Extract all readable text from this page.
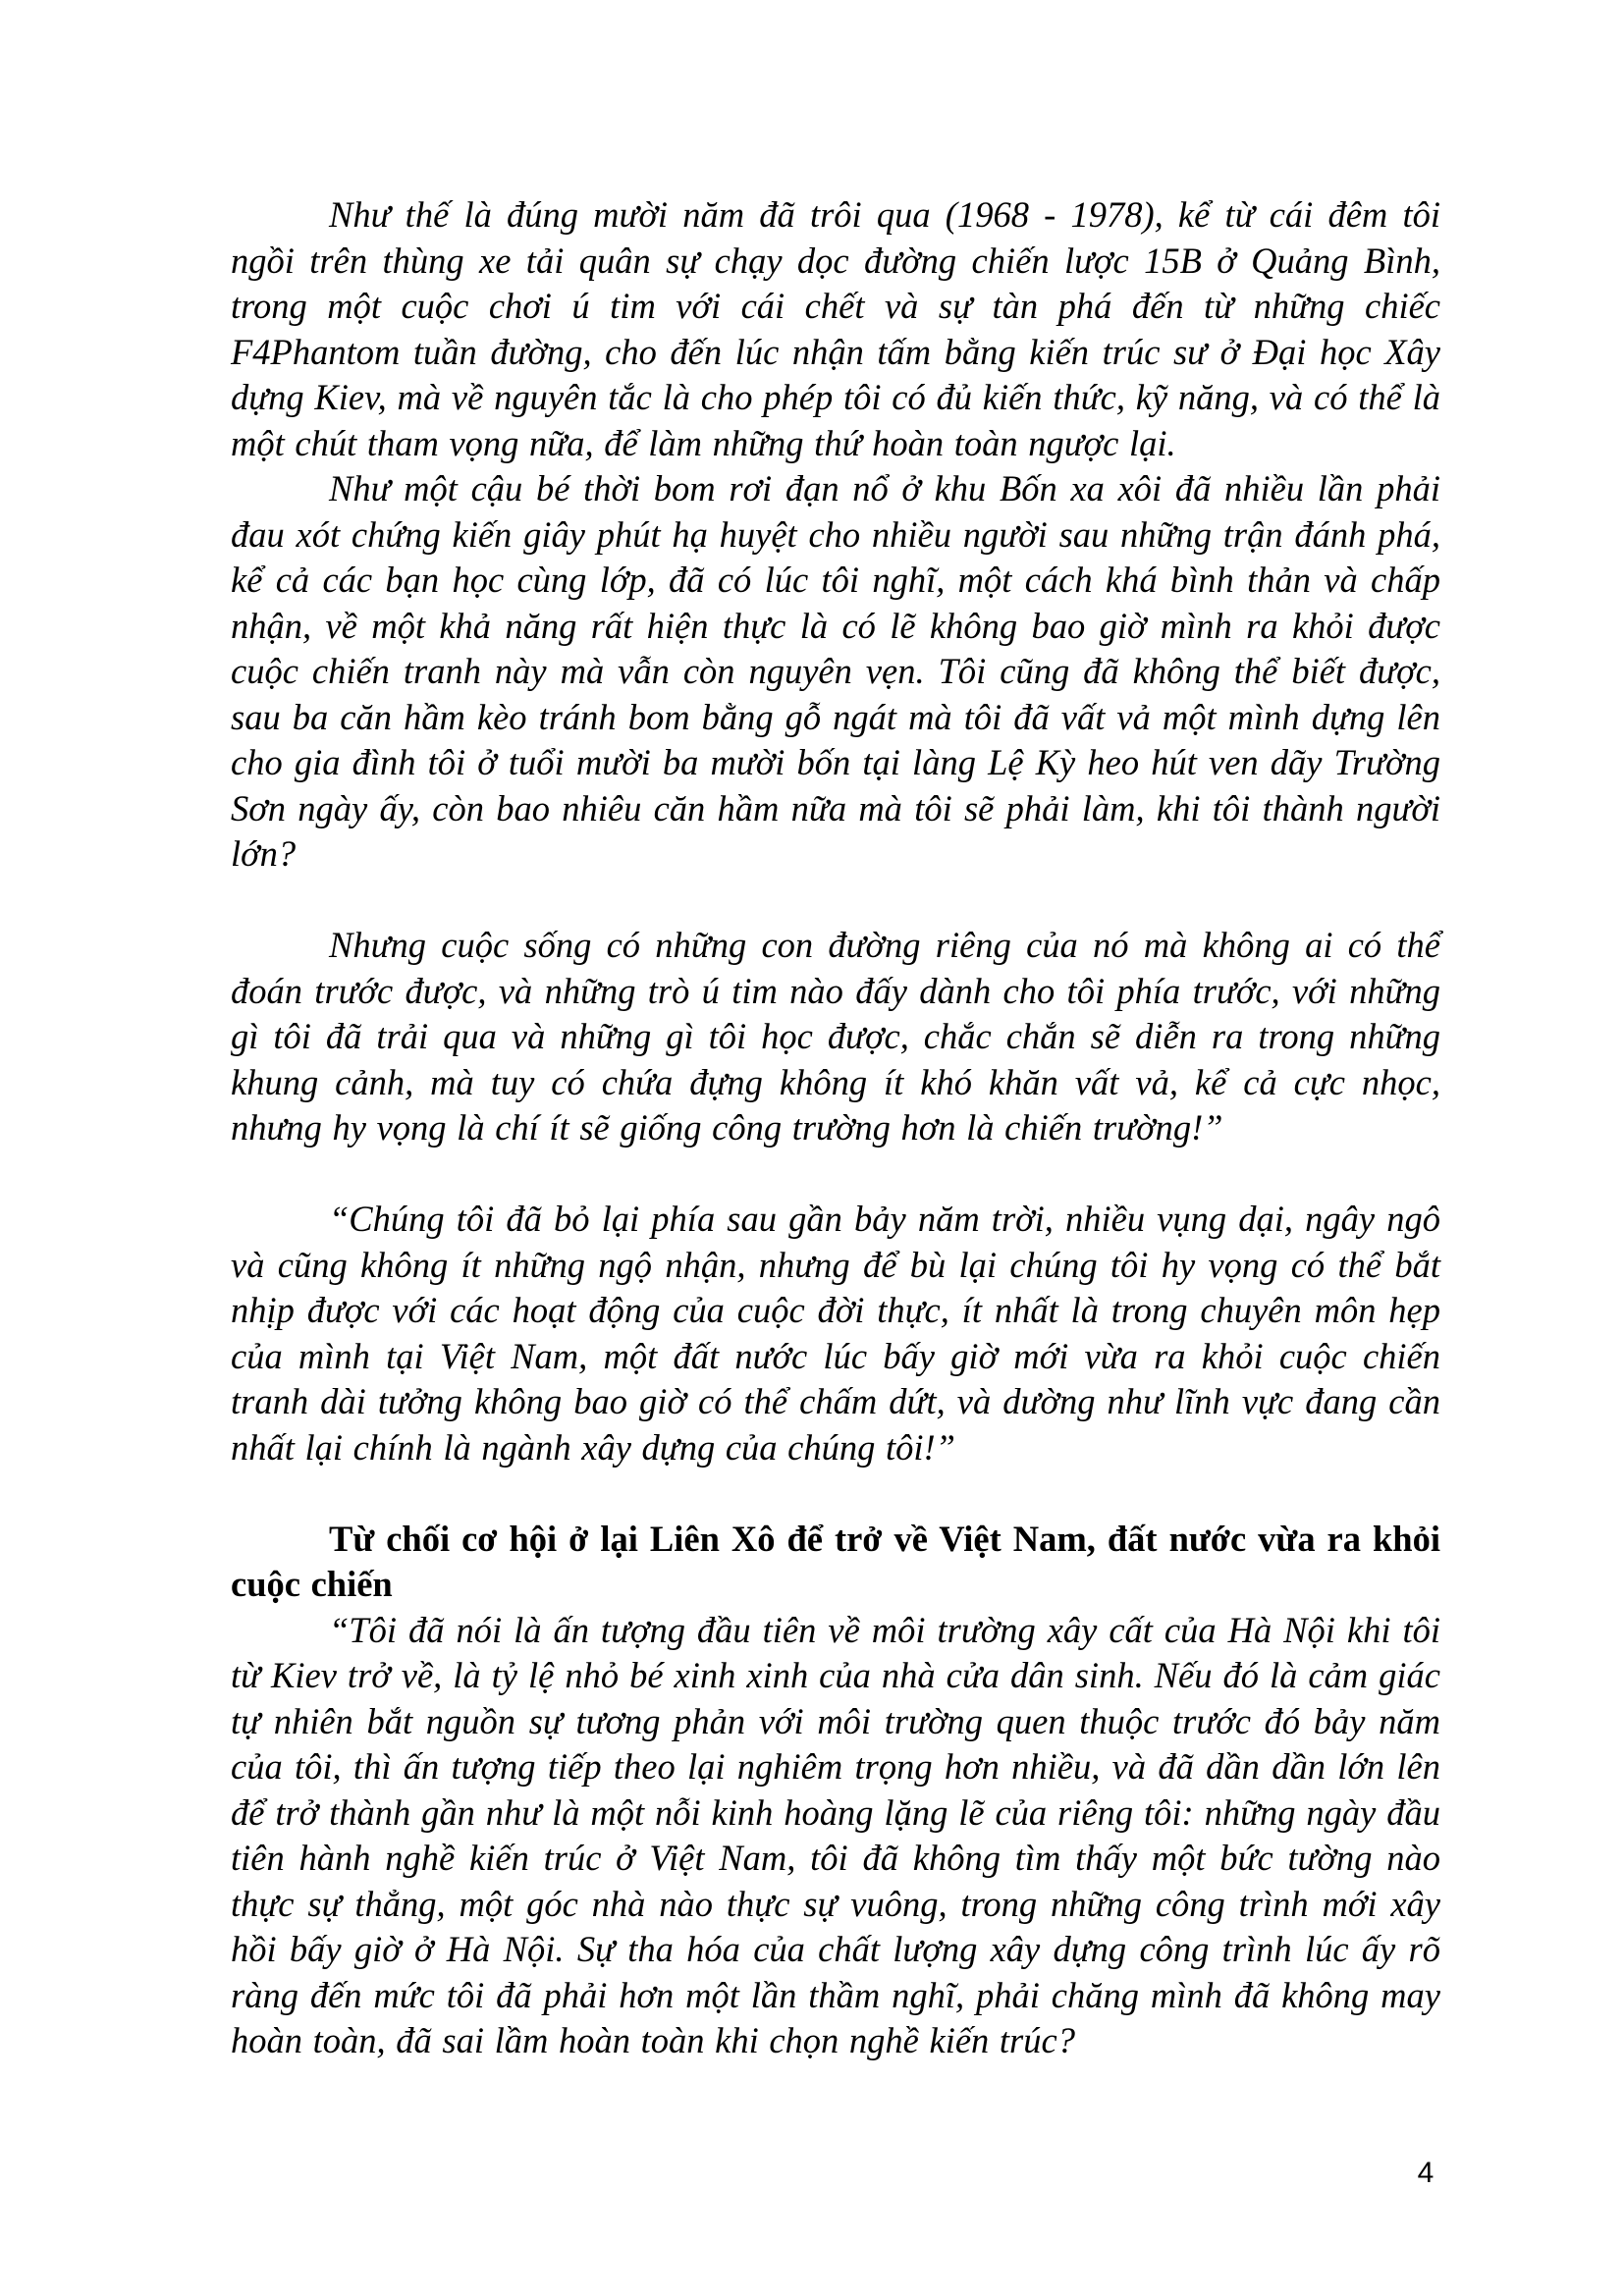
Như thế là đúng mười năm đã trôi qua (1968 - 1978), kể từ cái đêm tôi ngồi trên thùng xe tải quân sự chạy dọc đường chiến lược 15B ở Quảng Bình, trong một cuộc chơi ú tim với cái chết và sự tàn phá đến từ những chiếc F4Phantom tuần đường, cho đến lúc nhận tấm bằng kiến trúc sư ở Đại học Xây dựng Kiev, mà về nguyên tắc là cho phép tôi có đủ kiến thức, kỹ năng, và có thể là một chút tham vọng nữa, để làm những thứ hoàn toàn ngược lại.

Như một cậu bé thời bom rơi đạn nổ ở khu Bốn xa xôi đã nhiều lần phải đau xót chứng kiến giây phút hạ huyệt cho nhiều người sau những trận đánh phá, kể cả các bạn học cùng lớp, đã có lúc tôi nghĩ, một cách khá bình thản và chấp nhận, về một khả năng rất hiện thực là có lẽ không bao giờ mình ra khỏi được cuộc chiến tranh này mà vẫn còn nguyên vẹn. Tôi cũng đã không thể biết được, sau ba căn hầm kèo tránh bom bằng gỗ ngát mà tôi đã vất vả một mình dựng lên cho gia đình tôi ở tuổi mười ba mười bốn tại làng Lệ Kỳ heo hút ven dãy Trường Sơn ngày ấy, còn bao nhiêu căn hầm nữa mà tôi sẽ phải làm, khi tôi thành người lớn?

Nhưng cuộc sống có những con đường riêng của nó mà không ai có thể đoán trước được, và những trò ú tim nào đấy dành cho tôi phía trước, với những gì tôi đã trải qua và những gì tôi học được, chắc chắn sẽ diễn ra trong những khung cảnh, mà tuy có chứa đựng không ít khó khăn vất vả, kể cả cực nhọc, nhưng hy vọng là chí ít sẽ giống công trường hơn là chiến trường!”

“Chúng tôi đã bỏ lại phía sau gần bảy năm trời, nhiều vụng dại, ngây ngô và cũng không ít những ngộ nhận, nhưng để bù lại chúng tôi hy vọng có thể bắt nhịp được với các hoạt động của cuộc đời thực, ít nhất là trong chuyên môn hẹp của mình tại Việt Nam, một đất nước lúc bấy giờ mới vừa ra khỏi cuộc chiến tranh dài tưởng không bao giờ có thể chấm dứt, và dường như lĩnh vực đang cần nhất lại chính là ngành xây dựng của chúng tôi!”

Từ chối cơ hội ở lại Liên Xô để trở về Việt Nam, đất nước vừa ra khỏi cuộc chiến

“Tôi đã nói là ấn tượng đầu tiên về môi trường xây cất của Hà Nội khi tôi từ Kiev trở về, là tỷ lệ nhỏ bé xinh xinh của nhà cửa dân sinh. Nếu đó là cảm giác tự nhiên bắt nguồn sự tương phản với môi trường quen thuộc trước đó bảy năm của tôi, thì ấn tượng tiếp theo lại nghiêm trọng hơn nhiều, và đã dần dần lớn lên để trở thành gần như là một nỗi kinh hoàng lặng lẽ của riêng tôi: những ngày đầu tiên hành nghề kiến trúc ở Việt Nam, tôi đã không tìm thấy một bức tường nào thực sự thẳng, một góc nhà nào thực sự vuông, trong những công trình mới xây hồi bấy giờ ở Hà Nội. Sự tha hóa của chất lượng xây dựng công trình lúc ấy rõ ràng đến mức tôi đã phải hơn một lần thầm nghĩ, phải chăng mình đã không may hoàn toàn, đã sai lầm hoàn toàn khi chọn nghề kiến trúc?

4
